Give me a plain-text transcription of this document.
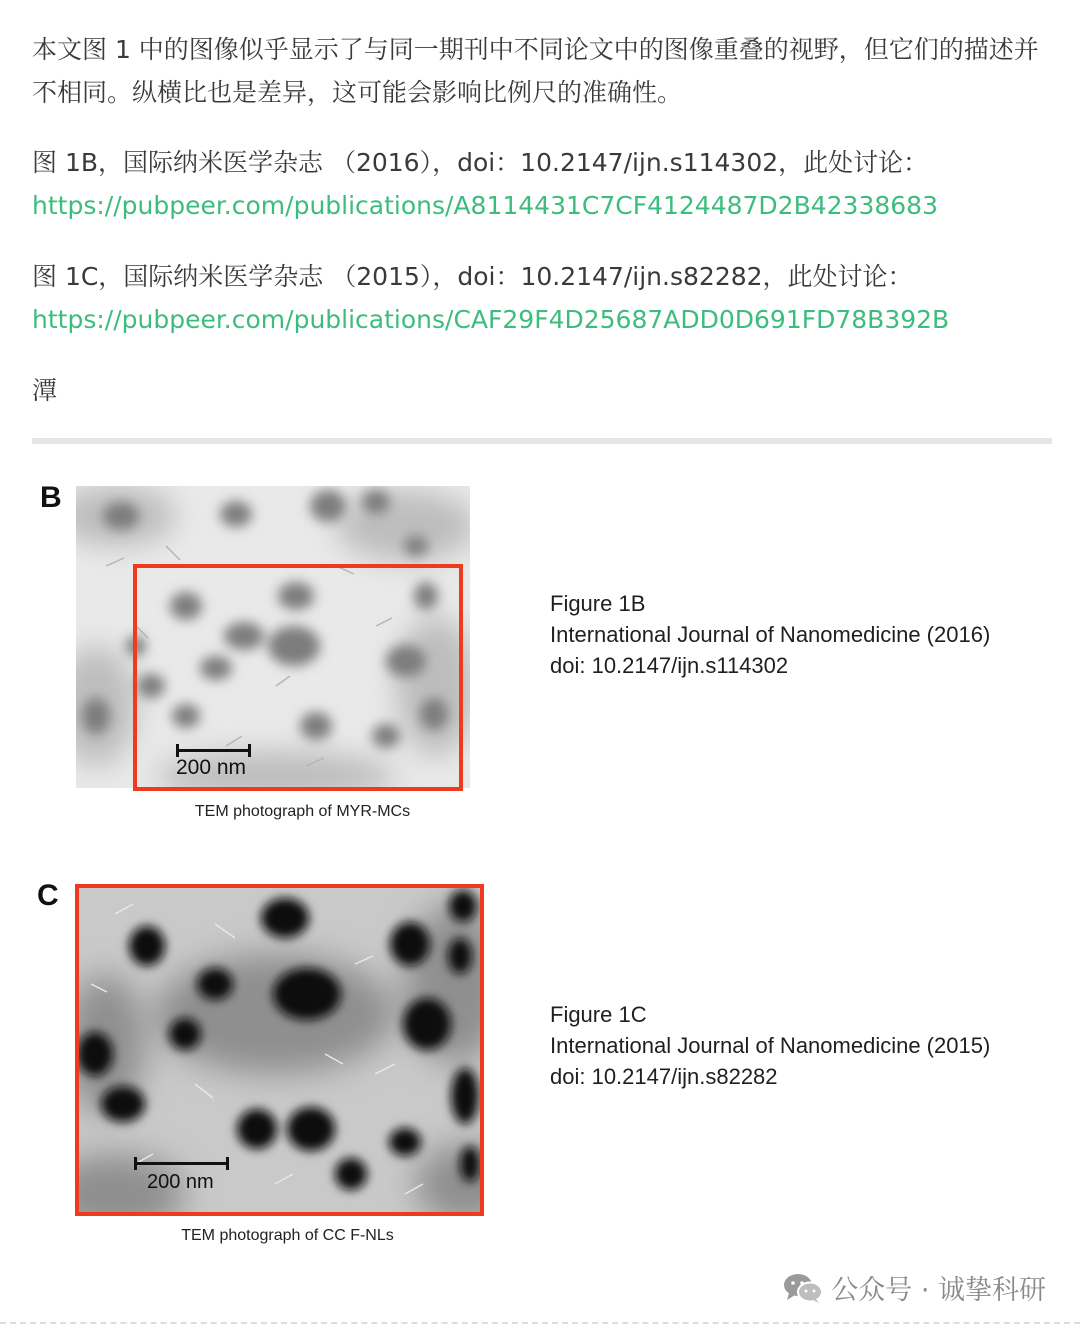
本文图 1 中的图像似乎显示了与同一期刊中不同论文中的图像重叠的视野，但它们的描述并不相同。纵横比也是差异，这可能会影响比例尺的准确性。
图 1B，国际纳米医学杂志 （2016），doi：10.2147/ijn.s114302，此处讨论：
https://pubpeer.com/publications/A8114431C7CF4124487D2B42338683
图 1C，国际纳米医学杂志 （2015），doi：10.2147/ijn.s82282，此处讨论：
https://pubpeer.com/publications/CAF29F4D25687ADD0D691FD78B392B
潭
B
200 nm
TEM photograph of MYR-MCs
Figure 1B
International Journal of Nanomedicine (2016)
doi: 10.2147/ijn.s114302
C
200 nm
TEM photograph of CC F-NLs
Figure 1C
International Journal of Nanomedicine (2015)
doi: 10.2147/ijn.s82282
公众号 · 诚挚科研
